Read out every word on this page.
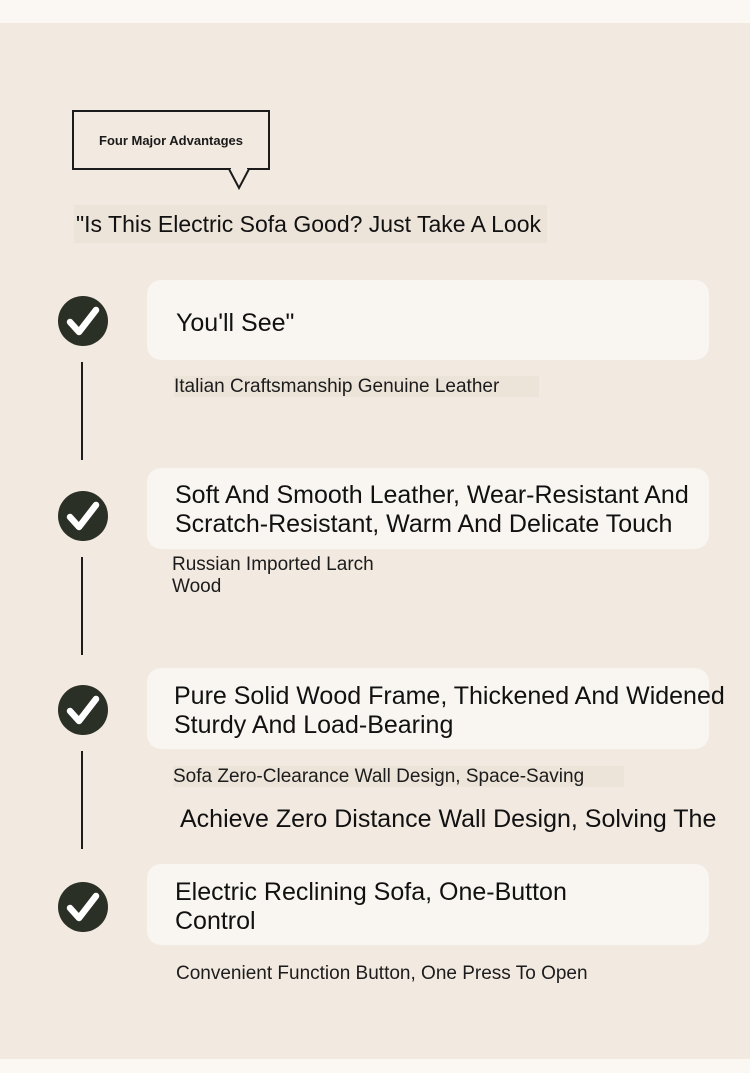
Four Major Advantages
"Is This Electric Sofa Good? Just Take A Look
You'll See"
Italian Craftsmanship Genuine Leather
Soft And Smooth Leather, Wear-Resistant And
Scratch-Resistant, Warm And Delicate Touch
Russian Imported Larch
Wood
Pure Solid Wood Frame, Thickened And Widened
Sturdy And Load-Bearing
Sofa Zero-Clearance Wall Design, Space-Saving
Achieve Zero Distance Wall Design, Solving The
Electric Reclining Sofa, One-Button
Control
Convenient Function Button, One Press To Open
